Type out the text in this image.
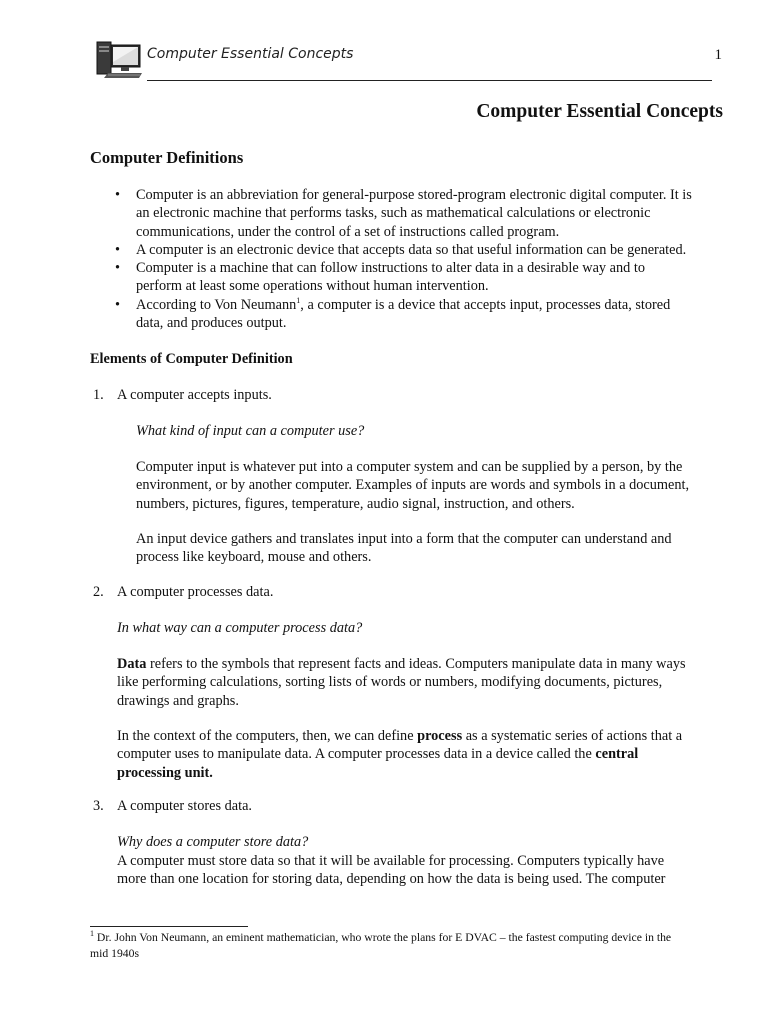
Computer Essential Concepts	1
Computer Essential Concepts
Computer Definitions
• Computer is an abbreviation for general-purpose stored-program electronic digital computer. It is
an electronic machine that performs tasks, such as mathematical calculations or electronic
communications, under the control of a set of instructions called program.
• A computer is an electronic device that accepts data so that useful information can be generated.
• Computer is a machine that can follow instructions to alter data in a desirable way and to
perform at least some operations without human intervention.
• According to Von Neumann$^1$, a computer is a device that accepts input, processes data, stored
data, and produces output.
Elements of Computer Definition
1. A computer accepts inputs.
What kind of input can a computer use?
Computer input is whatever put into a computer system and can be supplied by a person, by the
environment, or by another computer. Examples of inputs are words and symbols in a document,
numbers, pictures, figures, temperature, audio signal, instruction, and others.
An input device gathers and translates input into a form that the computer can understand and
process like keyboard, mouse and others.
2. A computer processes data.
In what way can a computer process data?
Data refers to the symbols that represent facts and ideas. Computers manipulate data in many ways
like performing calculations, sorting lists of words or numbers, modifying documents, pictures,
drawings and graphs.
In the context of the computers, then, we can define process as a systematic series of actions that a
computer uses to manipulate data. A computer processes data in a device called the central
processing unit.
3. A computer stores data.
Why does a computer store data?
A computer must store data so that it will be available for processing. Computers typically have
more than one location for storing data, depending on how the data is being used. The computer
$^1$ Dr. John Von Neumann, an eminent mathematician, who wrote the plans for E DVAC – the fastest computing device in the
mid 1940s
